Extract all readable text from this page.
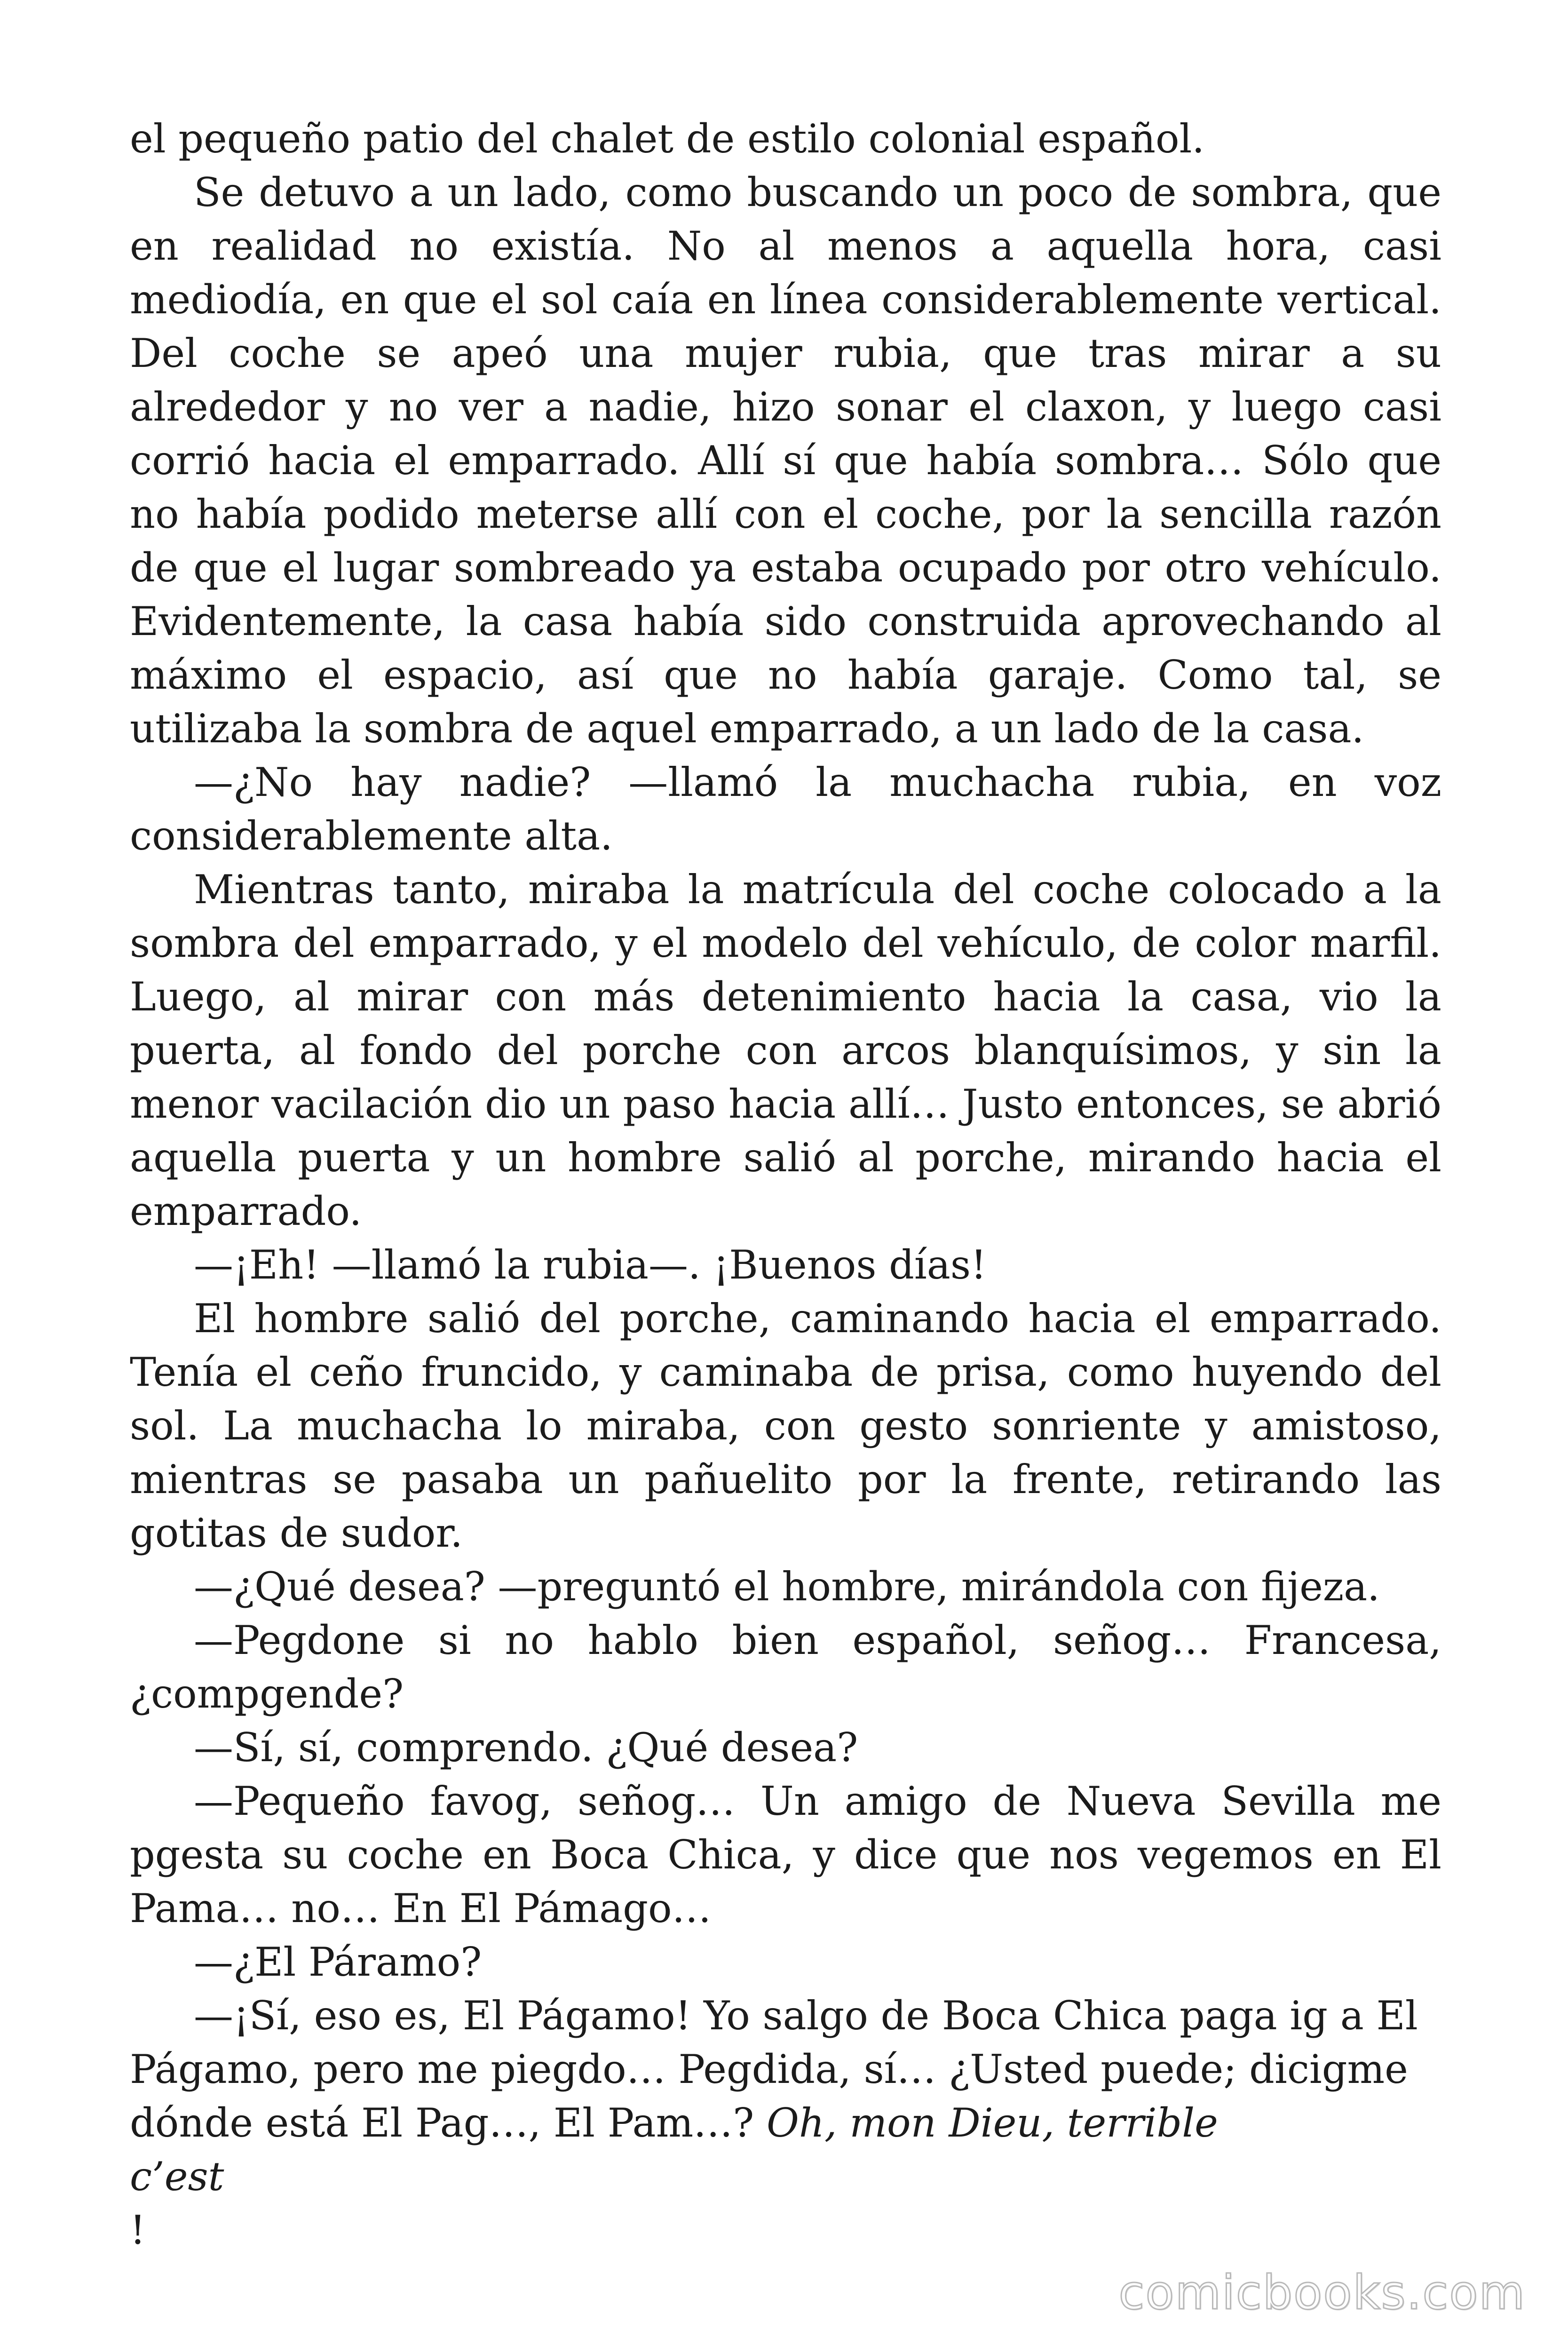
el pequeño patio del chalet de estilo colonial español.

Se detuvo a un lado, como buscando un poco de sombra, que en realidad no existía. No al menos a aquella hora, casi mediodía, en que el sol caía en línea considerablemente vertical. Del coche se apeó una mujer rubia, que tras mirar a su alrededor y no ver a nadie, hizo sonar el claxon, y luego casi corrió hacia el emparrado. Allí sí que había sombra… Sólo que no había podido meterse allí con el coche, por la sencilla razón de que el lugar sombreado ya estaba ocupado por otro vehículo. Evidentemente, la casa había sido construida aprovechando al máximo el espacio, así que no había garaje. Como tal, se utilizaba la sombra de aquel emparrado, a un lado de la casa.

—¿No hay nadie? —llamó la muchacha rubia, en voz considerablemente alta.

Mientras tanto, miraba la matrícula del coche colocado a la sombra del emparrado, y el modelo del vehículo, de color marfil. Luego, al mirar con más detenimiento hacia la casa, vio la puerta, al fondo del porche con arcos blanquísimos, y sin la menor vacilación dio un paso hacia allí… Justo entonces, se abrió aquella puerta y un hombre salió al porche, mirando hacia el emparrado.

—¡Eh! —llamó la rubia—. ¡Buenos días!

El hombre salió del porche, caminando hacia el emparrado. Tenía el ceño fruncido, y caminaba de prisa, como huyendo del sol. La muchacha lo miraba, con gesto sonriente y amistoso, mientras se pasaba un pañuelito por la frente, retirando las gotitas de sudor.

—¿Qué desea? —preguntó el hombre, mirándola con fijeza.

—Pegdone si no hablo bien español, señog… Francesa, ¿compgende?

—Sí, sí, comprendo. ¿Qué desea?

—Pequeño favog, señog… Un amigo de Nueva Sevilla me pgesta su coche en Boca Chica, y dice que nos vegemos en El Pama… no… En El Pámago…

—¿El Páramo?

—¡Sí, eso es, El Págamo! Yo salgo de Boca Chica paga ig a El Págamo, pero me piegdo… Pegdida, sí… ¿Usted puede; dicigme dónde está El Pag…, El Pam…? Oh, mon Dieu, terrible

c’est

!

comicbooks.com
